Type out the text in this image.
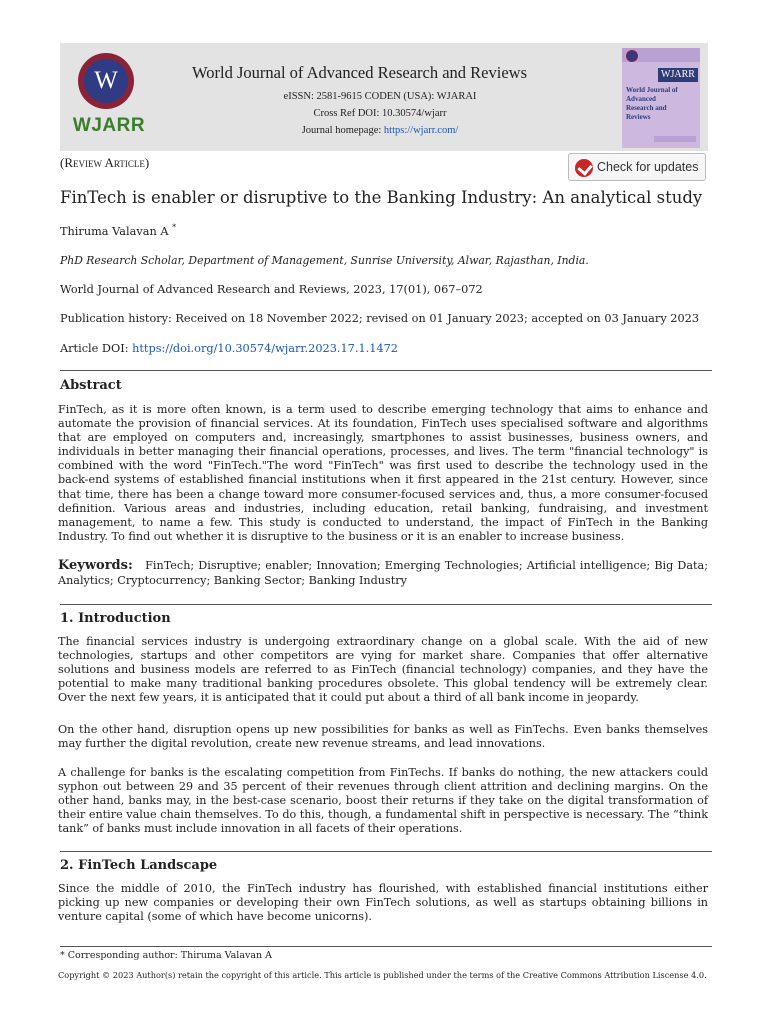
W
WJARR
World Journal of Advanced Research and Reviews
eISSN: 2581-9615 CODEN (USA): WJARAI
Cross Ref DOI: 10.30574/wjarr
Journal homepage: https://wjarr.com/
WJARR
World Journal of
Advanced
Research and
Reviews
(Review Article)	Check for updates
FinTech is enabler or disruptive to the Banking Industry: An analytical study
Thiruma Valavan A *
PhD Research Scholar, Department of Management, Sunrise University, Alwar, Rajasthan, India.
World Journal of Advanced Research and Reviews, 2023, 17(01), 067–072
Publication history: Received on 18 November 2022; revised on 01 January 2023; accepted on 03 January 2023
Article DOI: https://doi.org/10.30574/wjarr.2023.17.1.1472
Abstract
FinTech, as it is more often known, is a term used to describe emerging technology that aims to enhance and automate the provision of financial services. At its foundation, FinTech uses specialised software and algorithms that are employed on computers and, increasingly, smartphones to assist businesses, business owners, and individuals in better managing their financial operations, processes, and lives. The term "financial technology" is combined with the word "FinTech."The word "FinTech" was first used to describe the technology used in the back-end systems of established financial institutions when it first appeared in the 21st century. However, since that time, there has been a change toward more consumer-focused services and, thus, a more consumer-focused definition. Various areas and industries, including education, retail banking, fundraising, and investment management, to name a few. This study is conducted to understand, the impact of FinTech in the Banking Industry. To find out whether it is disruptive to the business or it is an enabler to increase business.
Keywords: FinTech; Disruptive; enabler; Innovation; Emerging Technologies; Artificial intelligence; Big Data; Analytics; Cryptocurrency; Banking Sector; Banking Industry
1. Introduction
The financial services industry is undergoing extraordinary change on a global scale. With the aid of new technologies, startups and other competitors are vying for market share. Companies that offer alternative solutions and business models are referred to as FinTech (financial technology) companies, and they have the potential to make many traditional banking procedures obsolete. This global tendency will be extremely clear. Over the next few years, it is anticipated that it could put about a third of all bank income in jeopardy.
On the other hand, disruption opens up new possibilities for banks as well as FinTechs. Even banks themselves may further the digital revolution, create new revenue streams, and lead innovations.
A challenge for banks is the escalating competition from FinTechs. If banks do nothing, the new attackers could syphon out between 29 and 35 percent of their revenues through client attrition and declining margins. On the other hand, banks may, in the best-case scenario, boost their returns if they take on the digital transformation of their entire value chain themselves. To do this, though, a fundamental shift in perspective is necessary. The “think tank” of banks must include innovation in all facets of their operations.
2. FinTech Landscape
Since the middle of 2010, the FinTech industry has flourished, with established financial institutions either picking up new companies or developing their own FinTech solutions, as well as startups obtaining billions in venture capital (some of which have become unicorns).
* Corresponding author: Thiruma Valavan A
Copyright © 2023 Author(s) retain the copyright of this article. This article is published under the terms of the Creative Commons Attribution Liscense 4.0.
